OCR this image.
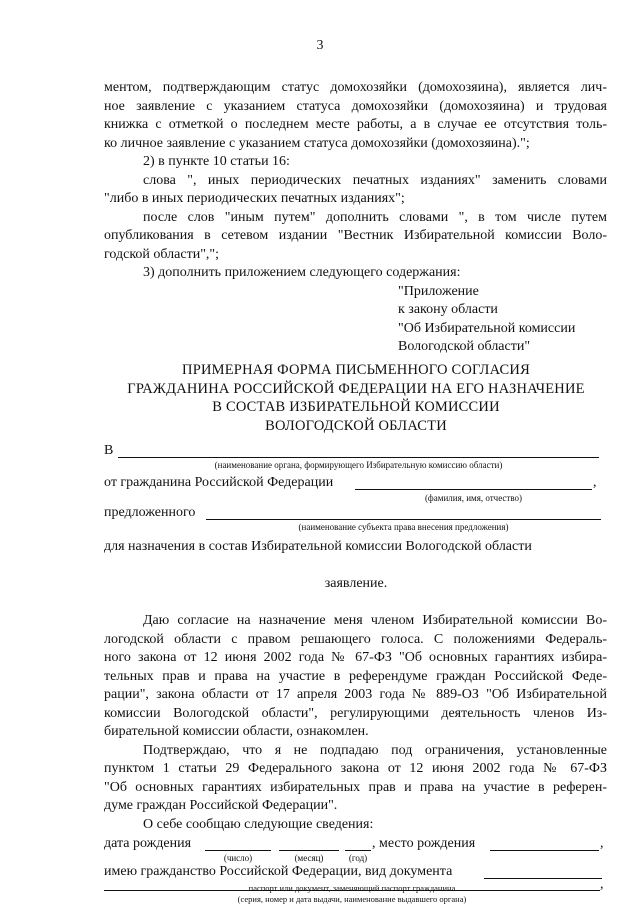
3
ментом, подтверждающим статус домохозяйки (домохозяина), является лич-
ное заявление с указанием статуса домохозяйки (домохозяина) и трудовая
книжка с отметкой о последнем месте работы, а в случае ее отсутствия толь-
ко личное заявление с указанием статуса домохозяйки (домохозяина).";
2) в пункте 10 статьи 16:
слова ", иных периодических печатных изданиях" заменить словами
"либо в иных периодических печатных изданиях";
после слов "иным путем" дополнить словами ", в том числе путем
опубликования в сетевом издании "Вестник Избирательной комиссии Воло-
годской области",";
3) дополнить приложением следующего содержания:
"Приложение
к закону области
"Об Избирательной комиссии
Вологодской области"
ПРИМЕРНАЯ ФОРМА ПИСЬМЕННОГО СОГЛАСИЯ
ГРАЖДАНИНА РОССИЙСКОЙ ФЕДЕРАЦИИ НА ЕГО НАЗНАЧЕНИЕ
В СОСТАВ ИЗБИРАТЕЛЬНОЙ КОМИССИИ
ВОЛОГОДСКОЙ ОБЛАСТИ
В
(наименование органа, формирующего Избирательную комиссию области)
от гражданина Российской Федерации	,
(фамилия, имя, отчество)
предложенного
(наименование субъекта права внесения предложения)
для назначения в состав Избирательной комиссии Вологодской области
заявление.
Даю согласие на назначение меня членом Избирательной комиссии Во-
логодской области с правом решающего голоса. С положениями Федераль-
ного закона от 12 июня 2002 года № 67-ФЗ "Об основных гарантиях избира-
тельных прав и права на участие в референдуме граждан Российской Феде-
рации", закона области от 17 апреля 2003 года № 889-ОЗ "Об Избирательной
комиссии Вологодской области", регулирующими деятельность членов Из-
бирательной комиссии области, ознакомлен.
Подтверждаю, что я не подпадаю под ограничения, установленные
пунктом 1 статьи 29 Федерального закона от 12 июня 2002 года № 67-ФЗ
"Об основных гарантиях избирательных прав и права на участие в референ-
думе граждан Российской Федерации".
О себе сообщаю следующие сведения:
дата рождения	, место рождения	,
(число)	(месяц)	(год)
имею гражданство Российской Федерации, вид документа
,
паспорт или документ, заменяющий паспорт гражданина
(серия, номер и дата выдачи, наименование выдавшего органа)
